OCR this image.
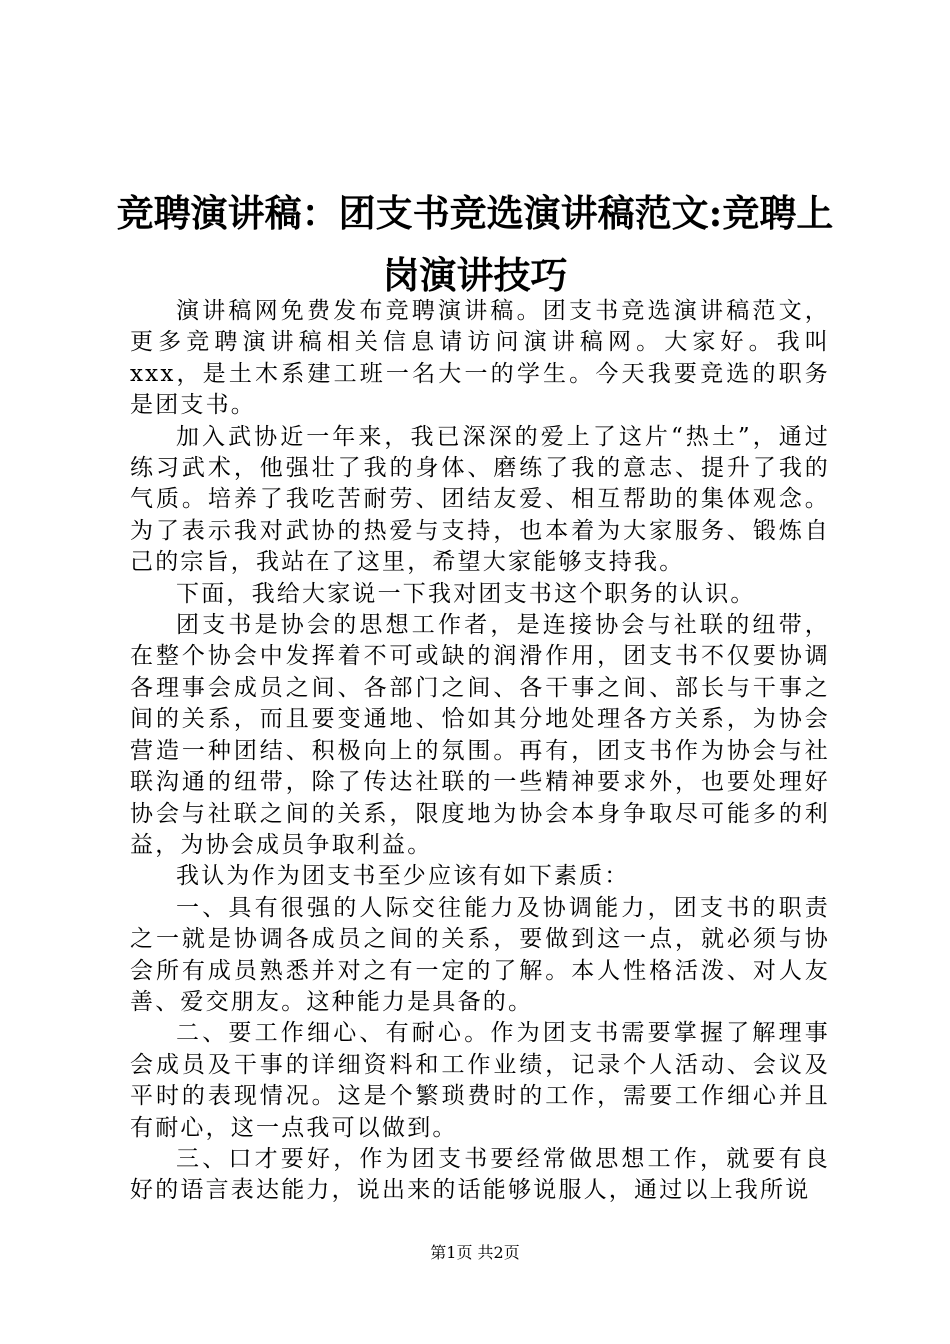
竞聘演讲稿：团支书竞选演讲稿范文:竞聘上岗演讲技巧

演讲稿网免费发布竞聘演讲稿。团支书竞选演讲稿范文，更多竞聘演讲稿相关信息请访问演讲稿网。大家好。我叫xxx，是土木系建工班一名大一的学生。今天我要竞选的职务是团支书。

加入武协近一年来，我已深深的爱上了这片“热土”，通过练习武术，他强壮了我的身体、磨练了我的意志、提升了我的气质。培养了我吃苦耐劳、团结友爱、相互帮助的集体观念。为了表示我对武协的热爱与支持，也本着为大家服务、锻炼自己的宗旨，我站在了这里，希望大家能够支持我。

下面，我给大家说一下我对团支书这个职务的认识。

团支书是协会的思想工作者，是连接协会与社联的纽带，在整个协会中发挥着不可或缺的润滑作用，团支书不仅要协调各理事会成员之间、各部门之间、各干事之间、部长与干事之间的关系，而且要变通地、恰如其分地处理各方关系，为协会营造一种团结、积极向上的氛围。再有，团支书作为协会与社联沟通的纽带，除了传达社联的一些精神要求外，也要处理好协会与社联之间的关系，限度地为协会本身争取尽可能多的利益，为协会成员争取利益。

我认为作为团支书至少应该有如下素质：

一、具有很强的人际交往能力及协调能力，团支书的职责之一就是协调各成员之间的关系，要做到这一点，就必须与协会所有成员熟悉并对之有一定的了解。本人性格活泼、对人友善、爱交朋友。这种能力是具备的。

二、要工作细心、有耐心。作为团支书需要掌握了解理事会成员及干事的详细资料和工作业绩，记录个人活动、会议及平时的表现情况。这是个繁琐费时的工作，需要工作细心并且有耐心，这一点我可以做到。

三、口才要好，作为团支书要经常做思想工作，就要有良好的语言表达能力，说出来的话能够说服人，通过以上我所说

第1页 共2页
